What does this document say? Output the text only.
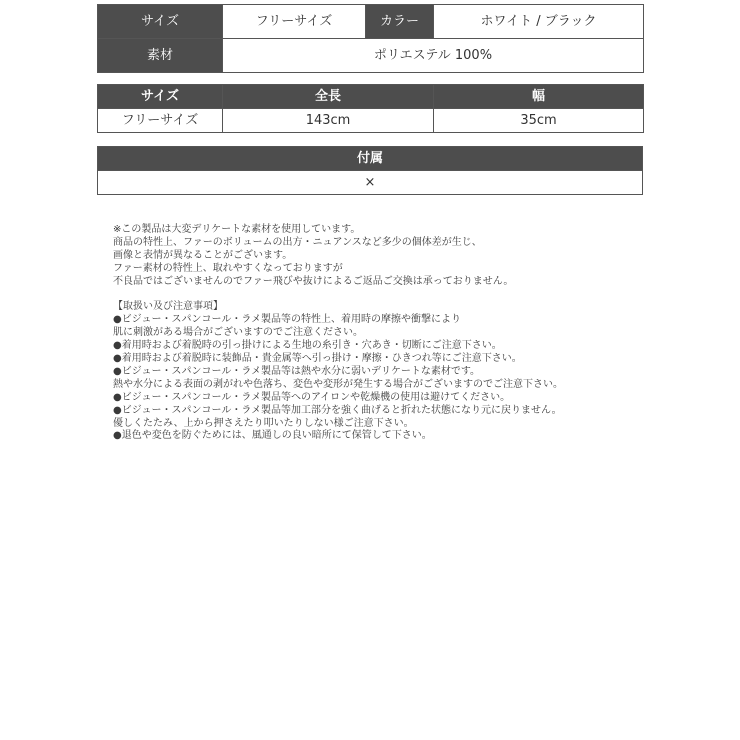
サイズ	フリーサイズ	カラー	ホワイト / ブラック
素材	ポリエステル 100%		
サイズ	全長	幅
フリーサイズ	143cm	35cm
付属
×

※この製品は大変デリケートな素材を使用しています。

商品の特性上、ファーのボリュームの出方・ニュアンスなど多少の個体差が生じ、

画像と表情が異なることがございます。

ファー素材の特性上、取れやすくなっておりますが

不良品ではございませんのでファー飛びや抜けによるご返品ご交換は承っておりません。

【取扱い及び注意事項】

●ビジュー・スパンコール・ラメ製品等の特性上、着用時の摩擦や衝撃により

肌に刺激がある場合がございますのでご注意ください。

●着用時および着脱時の引っ掛けによる生地の糸引き・穴あき・切断にご注意下さい。

●着用時および着脱時に装飾品・貴金属等へ引っ掛け・摩擦・ひきつれ等にご注意下さい。

●ビジュー・スパンコール・ラメ製品等は熱や水分に弱いデリケートな素材です。

熱や水分による表面の剥がれや色落ち、変色や変形が発生する場合がございますのでご注意下さい。

●ビジュー・スパンコール・ラメ製品等へのアイロンや乾燥機の使用は避けてください。

●ビジュー・スパンコール・ラメ製品等加工部分を強く曲げると折れた状態になり元に戻りません。

優しくたたみ、上から押さえたり叩いたりしない様ご注意下さい。

●退色や変色を防ぐためには、風通しの良い暗所にて保管して下さい。
